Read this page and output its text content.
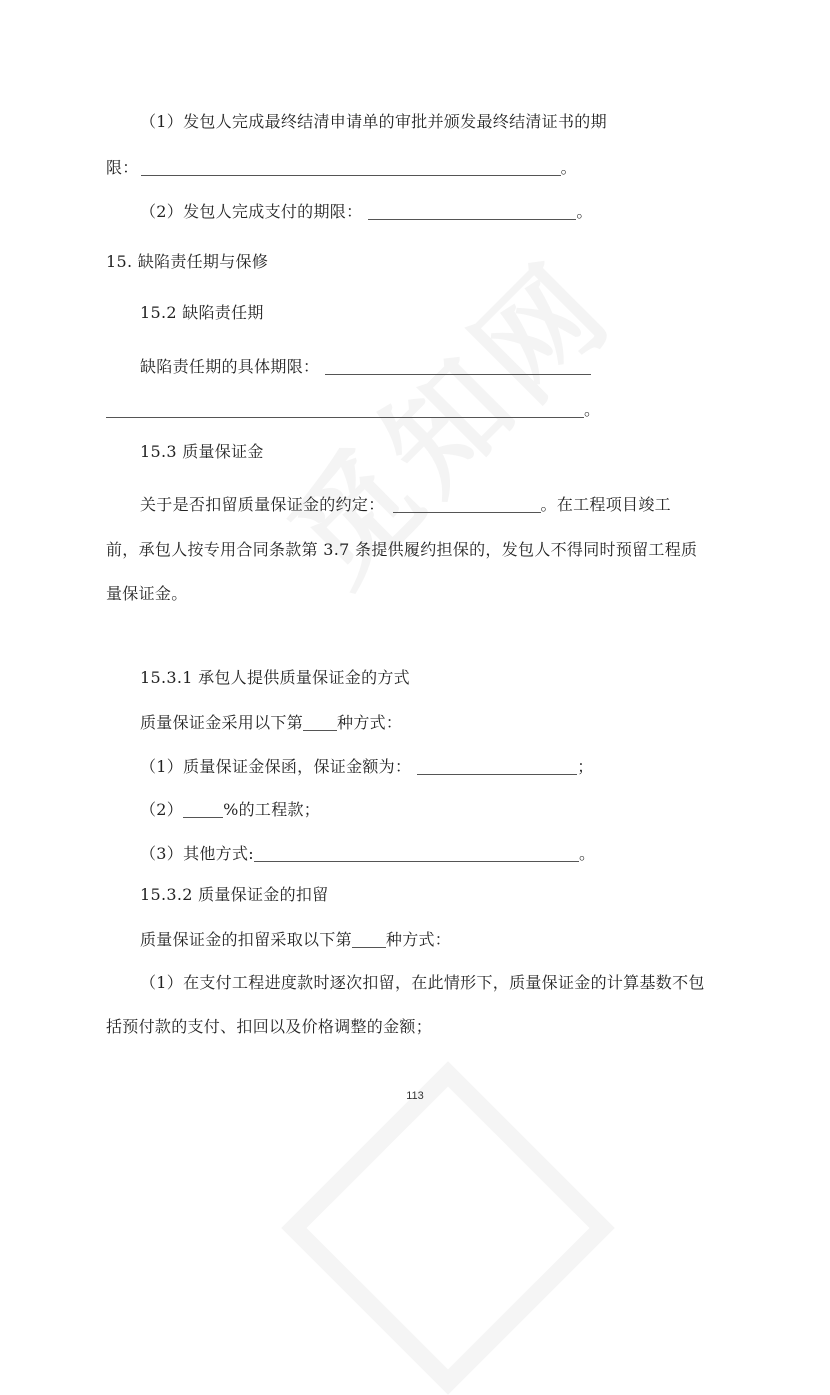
（1）发包人完成最终结清申请单的审批并颁发最终结清证书的期
限：	。
（2）发包人完成支付的期限：	。
15. 缺陷责任期与保修
15.2 缺陷责任期
缺陷责任期的具体期限：
。
15.3 质量保证金
关于是否扣留质量保证金的约定：	。在工程项目竣工
前，承包人按专用合同条款第 3.7 条提供履约担保的，发包人不得同时预留工程质
量保证金。
15.3.1 承包人提供质量保证金的方式
质量保证金采用以下第 种方式：
（1）质量保证金保函，保证金额为：	；
（2）	%的工程款；
（3）其他方式:	。
15.3.2 质量保证金的扣留
质量保证金的扣留采取以下第 种方式：
（1）在支付工程进度款时逐次扣留，在此情形下，质量保证金的计算基数不包
括预付款的支付、扣回以及价格调整的金额；
113
